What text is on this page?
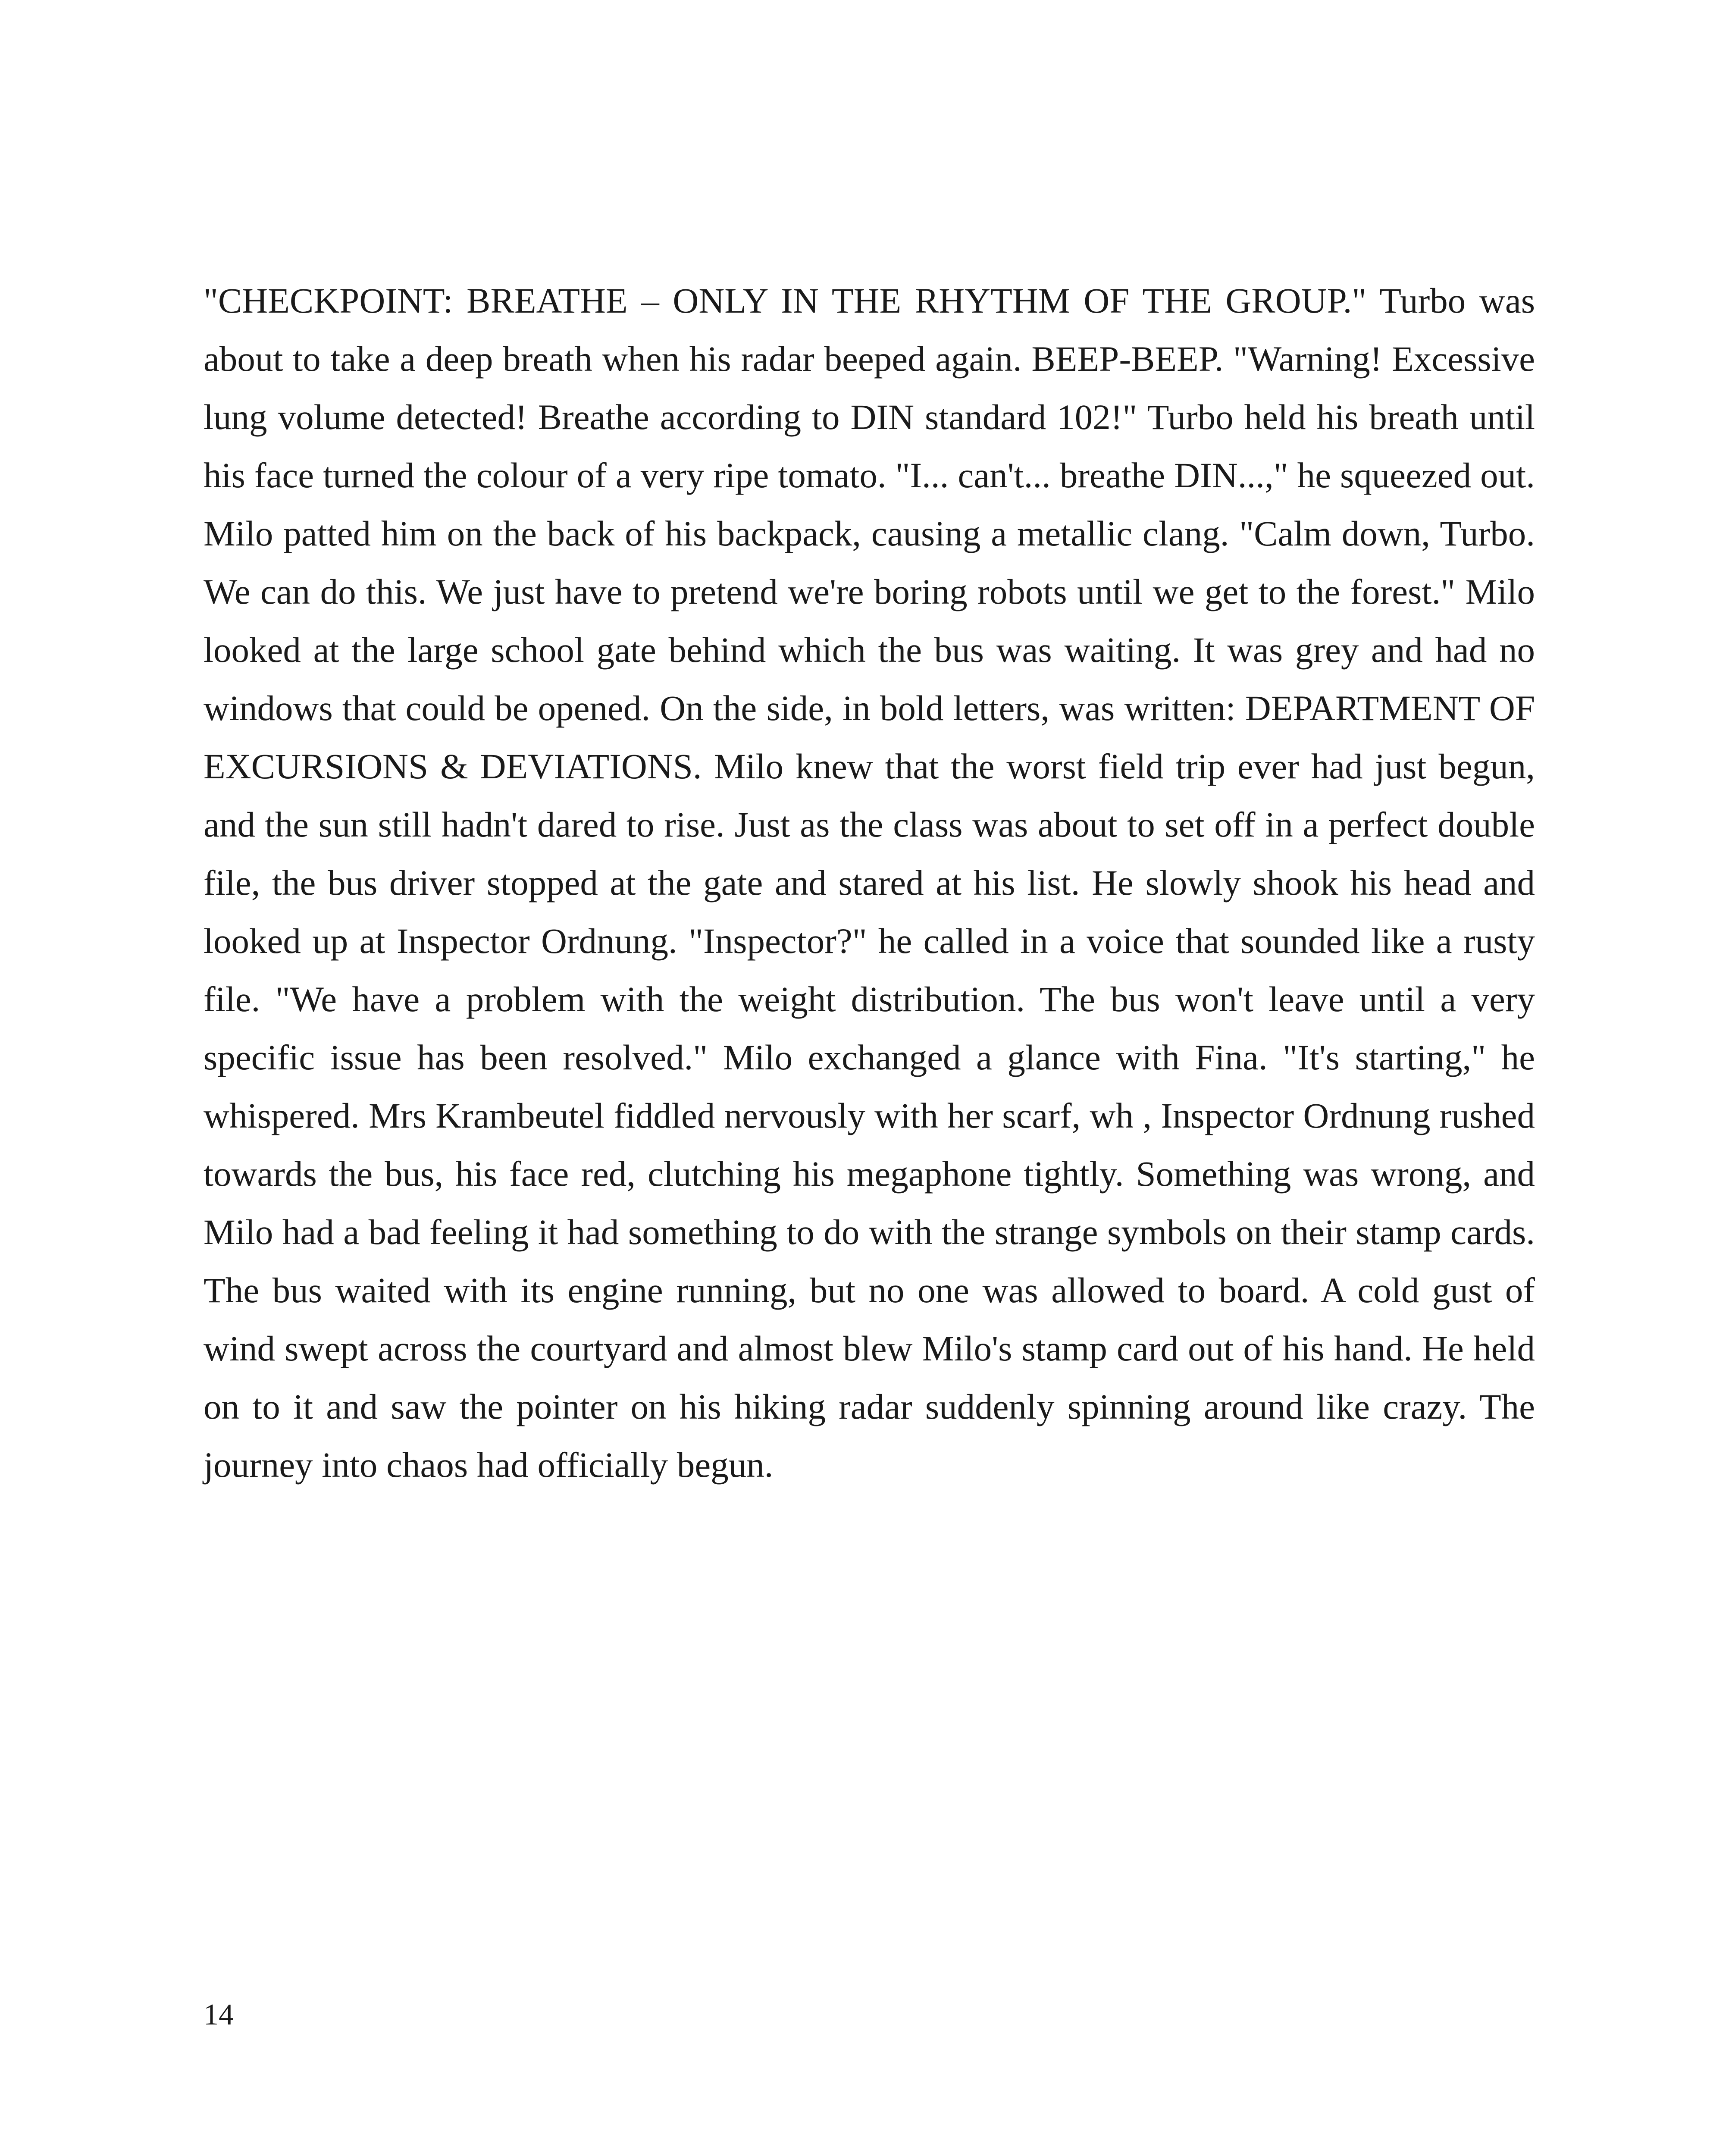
"CHECKPOINT: BREATHE – ONLY IN THE RHYTHM OF THE GROUP." Turbo was about to take a deep breath when his radar beeped again. BEEP-BEEP. "Warning! Excessive lung volume detected! Breathe according to DIN standard 102!" Turbo held his breath until his face turned the colour of a very ripe tomato. "I... can't... breathe DIN...," he squeezed out. Milo patted him on the back of his backpack, causing a metallic clang. "Calm down, Turbo. We can do this. We just have to pretend we're boring robots until we get to the forest." Milo looked at the large school gate behind which the bus was waiting. It was grey and had no windows that could be opened. On the side, in bold letters, was written: DEPARTMENT OF EXCURSIONS & DEVIATIONS. Milo knew that the worst field trip ever had just begun, and the sun still hadn't dared to rise. Just as the class was about to set off in a perfect double file, the bus driver stopped at the gate and stared at his list. He slowly shook his head and looked up at Inspector Ordnung. "Inspector?" he called in a voice that sounded like a rusty file. "We have a problem with the weight distribution. The bus won't leave until a very specific issue has been resolved." Milo exchanged a glance with Fina. "It's starting," he whispered. Mrs Krambeutel fiddled nervously with her scarf, wh , Inspector Ordnung rushed towards the bus, his face red, clutching his megaphone tightly. Something was wrong, and Milo had a bad feeling it had something to do with the strange symbols on their stamp cards. The bus waited with its engine running, but no one was allowed to board. A cold gust of wind swept across the courtyard and almost blew Milo's stamp card out of his hand. He held on to it and saw the pointer on his hiking radar suddenly spinning around like crazy. The journey into chaos had officially begun.

14
